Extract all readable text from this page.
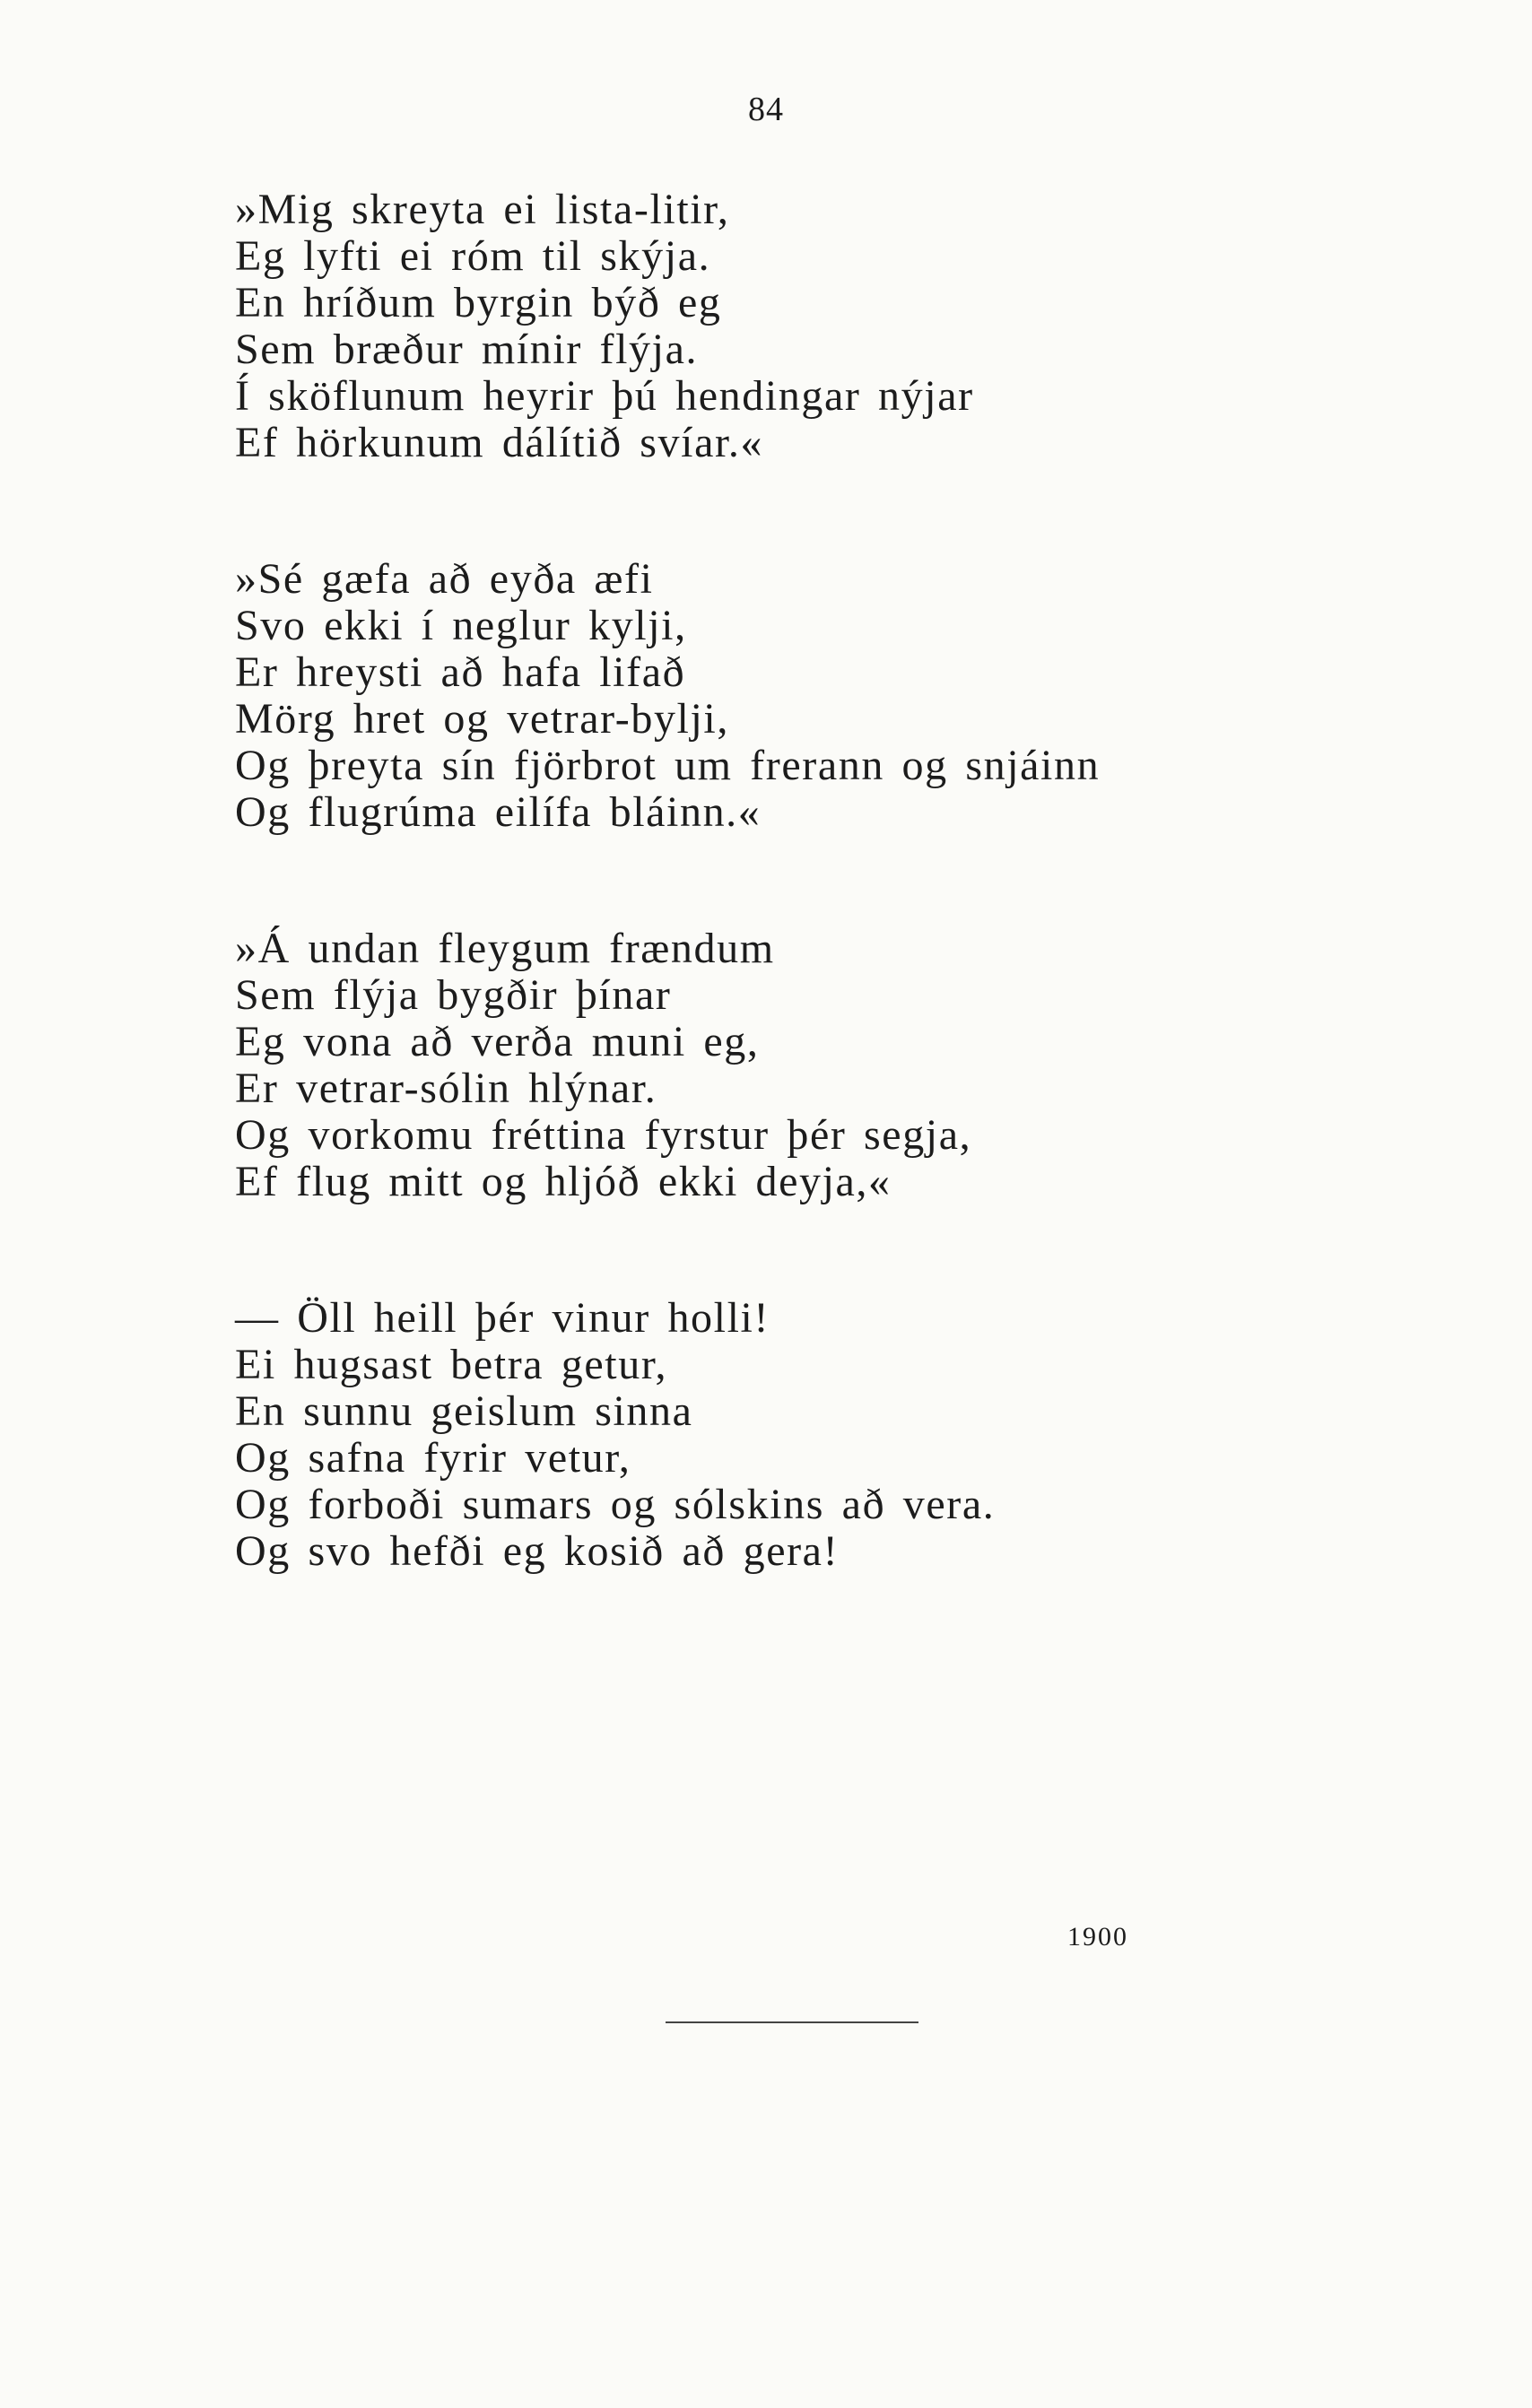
84
»Mig skreyta ei lista-litir,
Eg lyfti ei róm til skýja.
En hríðum byrgin býð eg
Sem bræður mínir flýja.
Í sköflunum heyrir þú hendingar nýjar
Ef hörkunum dálítið svíar.«
»Sé gæfa að eyða æfi
Svo ekki í neglur kylji,
Er hreysti að hafa lifað
Mörg hret og vetrar-bylji,
Og þreyta sín fjörbrot um frerann og snjáinn
Og flugrúma eilífa bláinn.«
»Á undan fleygum frændum
Sem flýja bygðir þínar
Eg vona að verða muni eg,
Er vetrar-sólin hlýnar.
Og vorkomu fréttina fyrstur þér segja,
Ef flug mitt og hljóð ekki deyja,«
— Öll heill þér vinur holli!
Ei hugsast betra getur,
En sunnu geislum sinna
Og safna fyrir vetur,
Og forboði sumars og sólskins að vera.
Og svo hefði eg kosið að gera!
1900
